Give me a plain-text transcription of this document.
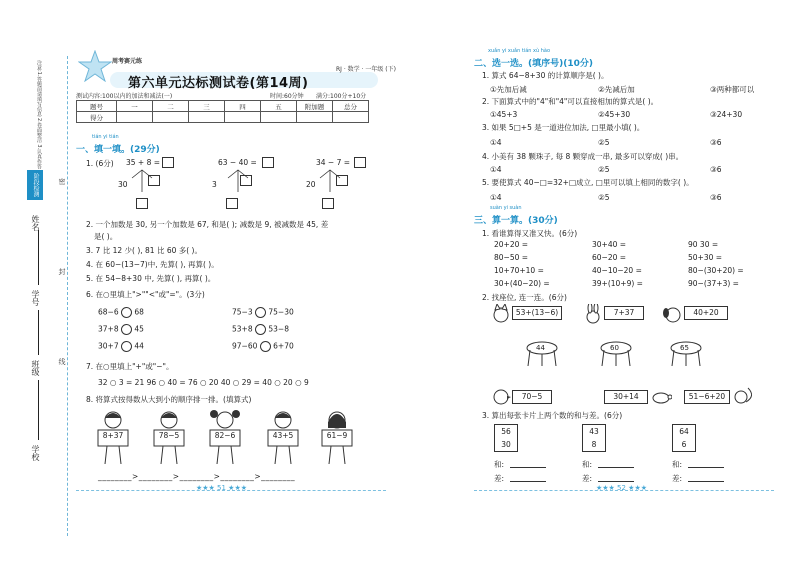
注意:1.答题前请填写信息 2.卷面整洁 3.认真作答
阶段检测
学校
班级
学号
姓名
密
封
线
周考赛元练
第六单元达标测试卷(第14周)
RJ · 数学 · 一年级 (下)
测试内容:100以内的加法和减法(一)	时间:60分钟 满分:100分+10分
题号	一	二	三	四	五	附加题	总分
得分							
tián yi tián
一、填一填。(29分)
1. (6分) 35 + 8 =
30
63 − 40 =
3
34 − 7 =
20
2. 一个加数是 30, 另一个加数是 67, 和是( ); 减数是 9, 被减数是 45, 差
是( )。
3. 7 比 12 少( ), 81 比 60 多( )。
4. 在 60−(13−7)中, 先算( ), 再算( )。
5. 在 54−8+30 中, 先算( ), 再算( )。
6. 在○里填上">""<"或"="。(3分)
68−6 68	75−3 75−30
37+8 45	53+8 53−8
30+7 44	97−60 6+70
7. 在○里填上"+"或"−"。
32 ○ 3 = 21 96 ○ 40 = 76 ○ 20 40 ○ 29 = 40 ○ 20 ○ 9
8. 将算式按得数从大到小的顺序排一排。(填算式)
8+37	78−5	82−6	43+5	61−9
________>________>________>________>________
★★★ 51 ★★★
xuǎn yi xuǎn tián xù hào
二、选一选。(填序号)(10分)
1. 算式 64−8+30 的计算顺序是( )。
①先加后减	②先减后加	③两种都可以
2. 下面算式中的"4"和"4"可以直接相加的算式是( )。
①45+3	②45+30	③24+30
3. 如果 5□+5 是一道进位加法, □里最小填( )。
①4	②5	③6
4. 小美有 38 颗珠子, 每 8 颗穿成一串, 最多可以穿成( )串。
①4	②5	③6
5. 要使算式 40−□=32+□成立, □里可以填上相同的数字( )。
①4	②5	③6
suàn yi suàn
三、算一算。(30分)
1. 看谁算得又准又快。(6分)
20+20 =	30+40 =	90 30 =
80−50 =	60−20 =	50+30 =
10+70+10 =	40−10−20 =	80−(30+20) =
30+(40−20) =	39+(10+9) =	90−(37+3) =
2. 找座位, 连一连。(6分)
53+(13−6)	7+37	40+20
44	60	65
70−5	30+14	51−6+20
3. 算出每张卡片上两个数的和与差。(6分)
56
30
43
8
64
6
和:	和:	和:
差:	差:	差:
★★★ 52 ★★★
